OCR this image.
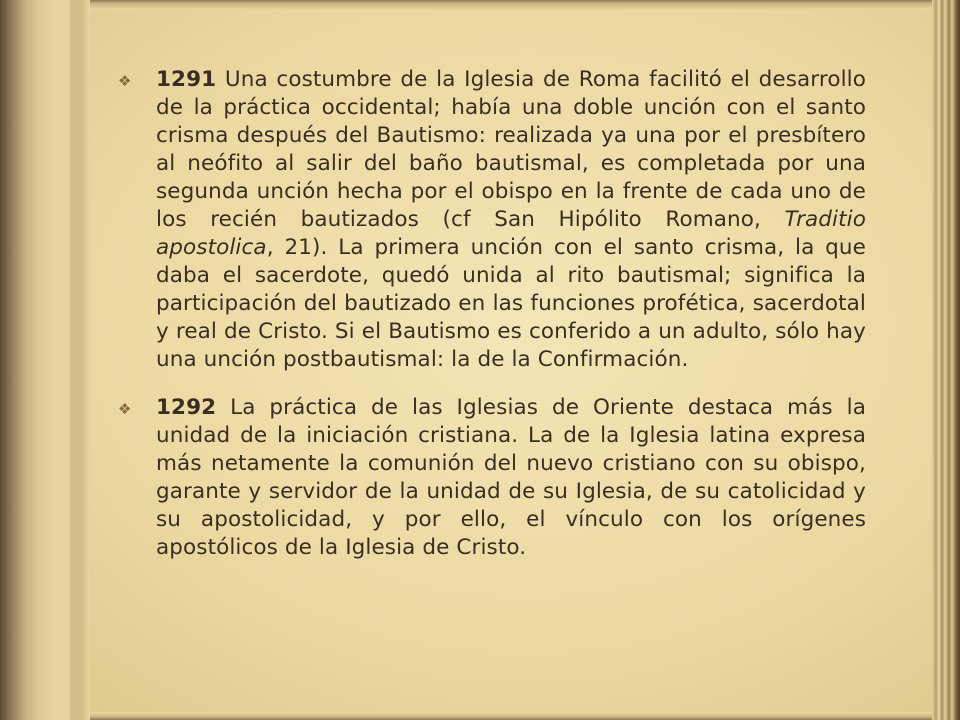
❖	1291 Una costumbre de la Iglesia de Roma facilitó el desarrollo de la práctica occidental; había una doble unción con el santo crisma después del Bautismo: realizada ya una por el presbítero al neófito al salir del baño bautismal, es completada por una segunda unción hecha por el obispo en la frente de cada uno de los recién bautizados (cf San Hipólito Romano, Traditio apostolica, 21). La primera unción con el santo crisma, la que daba el sacerdote, quedó unida al rito bautismal; significa la participación del bautizado en las funciones profética, sacerdotal y real de Cristo. Si el Bautismo es conferido a un adulto, sólo hay una unción postbautismal: la de la Confirmación.

❖	1292 La práctica de las Iglesias de Oriente destaca más la unidad de la iniciación cristiana. La de la Iglesia latina expresa más netamente la comunión del nuevo cristiano con su obispo, garante y servidor de la unidad de su Iglesia, de su catolicidad y su apostolicidad, y por ello, el vínculo con los orígenes apostólicos de la Iglesia de Cristo.
